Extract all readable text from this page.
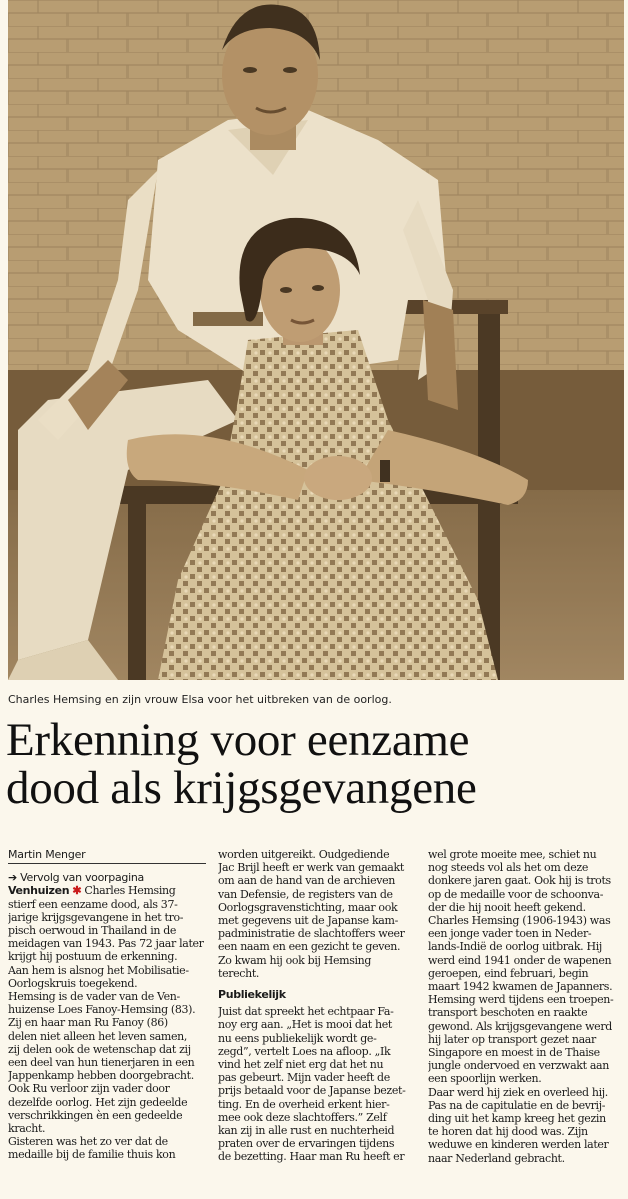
Charles Hemsing en zijn vrouw Elsa voor het uitbreken van de oorlog.
Erkenning voor eenzame
dood als krijgsgevangene
Martin Menger
➔ Vervolg van voorpagina
Venhuizen ✱ Charles Hemsing
stierf een eenzame dood, als 37-
jarige krijgsgevangene in het tro-
pisch oerwoud in Thailand in de
meidagen van 1943. Pas 72 jaar later
krijgt hij postuum de erkenning.
Aan hem is alsnog het Mobilisatie-
Oorlogskruis toegekend.
Hemsing is de vader van de Ven-
huizense Loes Fanoy-Hemsing (83).
Zij en haar man Ru Fanoy (86)
delen niet alleen het leven samen,
zij delen ook de wetenschap dat zij
een deel van hun tienerjaren in een
Jappenkamp hebben doorgebracht.
Ook Ru verloor zijn vader door
dezelfde oorlog. Het zijn gedeelde
verschrikkingen èn een gedeelde
kracht.
Gisteren was het zo ver dat de
medaille bij de familie thuis kon
worden uitgereikt. Oudgediende
Jac Brijl heeft er werk van gemaakt
om aan de hand van de archieven
van Defensie, de registers van de
Oorlogsgravenstichting, maar ook
met gegevens uit de Japanse kam-
padministratie de slachtoffers weer
een naam en een gezicht te geven.
Zo kwam hij ook bij Hemsing
terecht.
Publiekelijk
Juist dat spreekt het echtpaar Fa-
noy erg aan. „Het is mooi dat het
nu eens publiekelijk wordt ge-
zegd”, vertelt Loes na afloop. „Ik
vind het zelf niet erg dat het nu
pas gebeurt. Mijn vader heeft de
prijs betaald voor de Japanse bezet-
ting. En de overheid erkent hier-
mee ook deze slachtoffers.” Zelf
kan zij in alle rust en nuchterheid
praten over de ervaringen tijdens
de bezetting. Haar man Ru heeft er
wel grote moeite mee, schiet nu
nog steeds vol als het om deze
donkere jaren gaat. Ook hij is trots
op de medaille voor de schoonva-
der die hij nooit heeft gekend.
Charles Hemsing (1906-1943) was
een jonge vader toen in Neder-
lands-Indië de oorlog uitbrak. Hij
werd eind 1941 onder de wapenen
geroepen, eind februari, begin
maart 1942 kwamen de Japanners.
Hemsing werd tijdens een troepen-
transport beschoten en raakte
gewond. Als krijgsgevangene werd
hij later op transport gezet naar
Singapore en moest in de Thaise
jungle ondervoed en verzwakt aan
een spoorlijn werken.
Daar werd hij ziek en overleed hij.
Pas na de capitulatie en de bevrij-
ding uit het kamp kreeg het gezin
te horen dat hij dood was. Zijn
weduwe en kinderen werden later
naar Nederland gebracht.
